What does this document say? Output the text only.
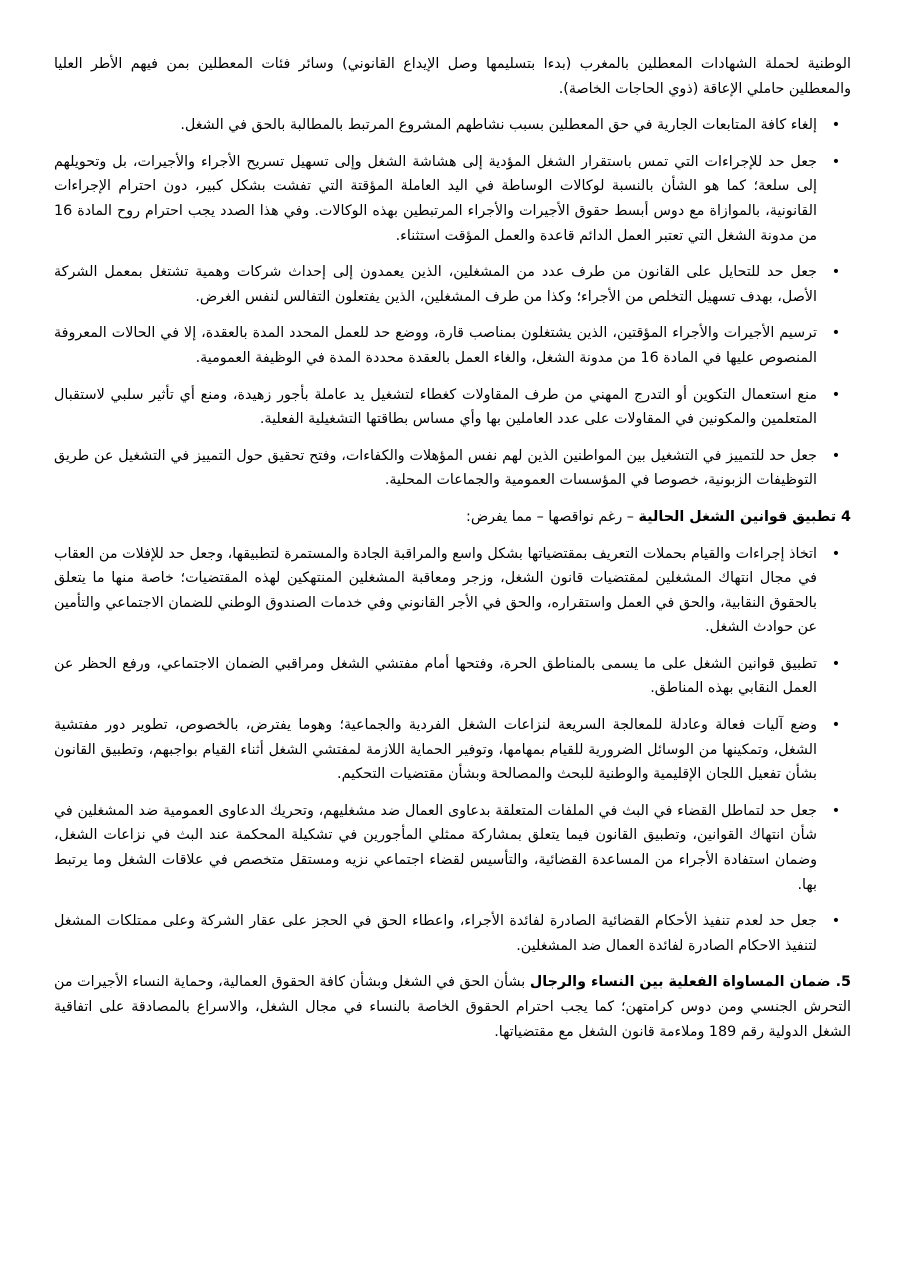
الوطنية لحملة الشهادات المعطلين بالمغرب (بدءا بتسليمها وصل الإيداع القانوني) وسائر فئات المعطلين بمن فيهم الأطر العليا والمعطلين حاملي الإعاقة (ذوي الحاجات الخاصة).

•
إلغاء كافة المتابعات الجارية في حق المعطلين بسبب نشاطهم المشروع المرتبط بالمطالبة بالحق في الشغل.
•
جعل حد للإجراءات التي تمس باستقرار الشغل المؤدية إلى هشاشة الشغل وإلى تسهيل تسريح الأجراء والأجيرات، بل وتحويلهم إلى سلعة؛ كما هو الشأن بالنسبة لوكالات الوساطة في اليد العاملة المؤقتة التي تفشت بشكل كبير، دون احترام الإجراءات القانونية، بالموازاة مع دوس أبسط حقوق الأجيرات والأجراء المرتبطين بهذه الوكالات. وفي هذا الصدد يجب احترام روح المادة 16 من مدونة الشغل التي تعتبر العمل الدائم قاعدة والعمل المؤقت استثناء.
•
جعل حد للتحايل على القانون من طرف عدد من المشغلين، الذين يعمدون إلى إحداث شركات وهمية تشتغل بمعمل الشركة الأصل، بهدف تسهيل التخلص من الأجراء؛ وكذا من طرف المشغلين، الذين يفتعلون التفالس لنفس الغرض.
•
ترسيم الأجيرات والأجراء المؤقتين، الذين يشتغلون بمناصب قارة، ووضع حد للعمل المحدد المدة بالعقدة، إلا في الحالات المعروفة المنصوص عليها في المادة 16 من مدونة الشغل، والغاء العمل بالعقدة محددة المدة في الوظيفة العمومية.
•
منع استعمال التكوين أو التدرج المهني من طرف المقاولات كغطاء لتشغيل يد عاملة بأجور زهيدة، ومنع أي تأثير سلبي لاستقبال المتعلمين والمكونين في المقاولات على عدد العاملين بها وأي مساس بطاقتها التشغيلية الفعلية.
•
جعل حد للتمييز في التشغيل بين المواطنين الذين لهم نفس المؤهلات والكفاءات، وفتح تحقيق حول التمييز في التشغيل عن طريق التوظيفات الزبونية، خصوصا في المؤسسات العمومية والجماعات المحلية.

4 تطبيق قوانين الشغل الحالية – رغم نواقصها – مما يفرض:

•
اتخاذ إجراءات والقيام بحملات التعريف بمقتضياتها بشكل واسع والمراقبة الجادة والمستمرة لتطبيقها، وجعل حد للإفلات من العقاب في مجال انتهاك المشغلين لمقتضيات قانون الشغل، وزجر ومعاقبة المشغلين المنتهكين لهذه المقتضيات؛ خاصة منها ما يتعلق بالحقوق النقابية، والحق في العمل واستقراره، والحق في الأجر القانوني وفي خدمات الصندوق الوطني للضمان الاجتماعي والتأمين عن حوادث الشغل.
•
تطبيق قوانين الشغل على ما يسمى بالمناطق الحرة، وفتحها أمام مفتشي الشغل ومراقبي الضمان الاجتماعي، ورفع الحظر عن العمل النقابي بهذه المناطق.
•
وضع آليات فعالة وعادلة للمعالجة السريعة لنزاعات الشغل الفردية والجماعية؛ وهوما يفترض، بالخصوص، تطوير دور مفتشية الشغل، وتمكينها من الوسائل الضرورية للقيام بمهامها، وتوفير الحماية اللازمة لمفتشي الشغل أثناء القيام بواجبهم، وتطبيق القانون بشأن تفعيل اللجان الإقليمية والوطنية للبحث والمصالحة وبشأن مقتضيات التحكيم.
•
جعل حد لتماطل القضاء في البث في الملفات المتعلقة بدعاوى العمال ضد مشغليهم، وتحريك الدعاوى العمومية ضد المشغلين في شأن انتهاك القوانين، وتطبيق القانون فيما يتعلق بمشاركة ممثلي المأجورين في تشكيلة المحكمة عند البث في نزاعات الشغل، وضمان استفادة الأجراء من المساعدة القضائية، والتأسيس لقضاء اجتماعي نزيه ومستقل متخصص في علاقات الشغل وما يرتبط بها.
•
جعل حد لعدم تنفيذ الأحكام القضائية الصادرة لفائدة الأجراء، واعطاء الحق في الحجز على عقار الشركة وعلى ممتلكات المشغل لتنفيذ الاحكام الصادرة لفائدة العمال ضد المشغلين.

5. ضمان المساواة الفعلية بين النساء والرجال بشأن الحق في الشغل وبشأن كافة الحقوق العمالية، وحماية النساء الأجيرات من التحرش الجنسي ومن دوس كرامتهن؛ كما يجب احترام الحقوق الخاصة بالنساء في مجال الشغل، والاسراع بالمصادقة على اتفاقية الشغل الدولية رقم 189 وملاءمة قانون الشغل مع مقتضياتها.
